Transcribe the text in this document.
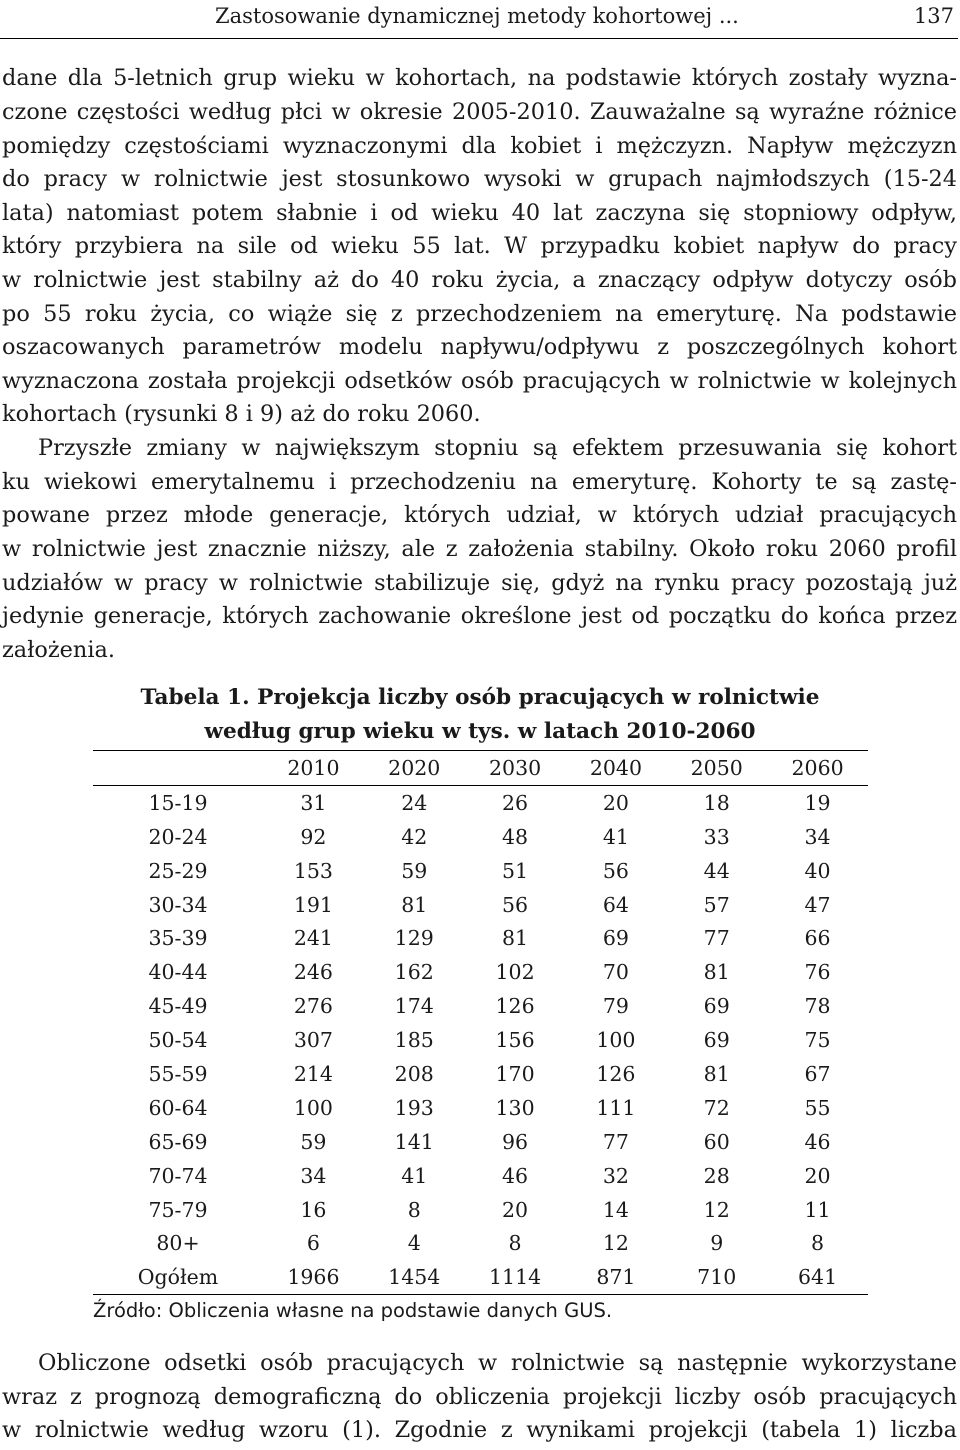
Zastosowanie dynamicznej metody kohortowej ...	137
dane dla 5-letnich grup wieku w kohortach, na podstawie których zostały wyzna-
czone częstości według płci w okresie 2005-2010. Zauważalne są wyraźne różnice
pomiędzy częstościami wyznaczonymi dla kobiet i mężczyzn. Napływ mężczyzn
do pracy w rolnictwie jest stosunkowo wysoki w grupach najmłodszych (15-24
lata) natomiast potem słabnie i od wieku 40 lat zaczyna się stopniowy odpływ,
który przybiera na sile od wieku 55 lat. W przypadku kobiet napływ do pracy
w rolnictwie jest stabilny aż do 40 roku życia, a znaczący odpływ dotyczy osób
po 55 roku życia, co wiąże się z przechodzeniem na emeryturę. Na podstawie
oszacowanych parametrów modelu napływu/odpływu z poszczególnych kohort
wyznaczona została projekcji odsetków osób pracujących w rolnictwie w kolejnych
kohortach (rysunki 8 i 9) aż do roku 2060.
Przyszłe zmiany w największym stopniu są efektem przesuwania się kohort
ku wiekowi emerytalnemu i przechodzeniu na emeryturę. Kohorty te są zastę-
powane przez młode generacje, których udział, w których udział pracujących
w rolnictwie jest znacznie niższy, ale z założenia stabilny. Około roku 2060 profil
udziałów w pracy w rolnictwie stabilizuje się, gdyż na rynku pracy pozostają już
jedynie generacje, których zachowanie określone jest od początku do końca przez
założenia.
Tabela 1. Projekcja liczby osób pracujących w rolnictwie
według grup wieku w tys. w latach 2010-2060
	2010	2020	2030	2040	2050	2060
15-19	31	24	26	20	18	19
20-24	92	42	48	41	33	34
25-29	153	59	51	56	44	40
30-34	191	81	56	64	57	47
35-39	241	129	81	69	77	66
40-44	246	162	102	70	81	76
45-49	276	174	126	79	69	78
50-54	307	185	156	100	69	75
55-59	214	208	170	126	81	67
60-64	100	193	130	111	72	55
65-69	59	141	96	77	60	46
70-74	34	41	46	32	28	20
75-79	16	8	20	14	12	11
80+	6	4	8	12	9	8
Ogółem	1966	1454	1114	871	710	641
Źródło: Obliczenia własne na podstawie danych GUS.
Obliczone odsetki osób pracujących w rolnictwie są następnie wykorzystane
wraz z prognozą demograficzną do obliczenia projekcji liczby osób pracujących
w rolnictwie według wzoru (1). Zgodnie z wynikami projekcji (tabela 1) liczba
